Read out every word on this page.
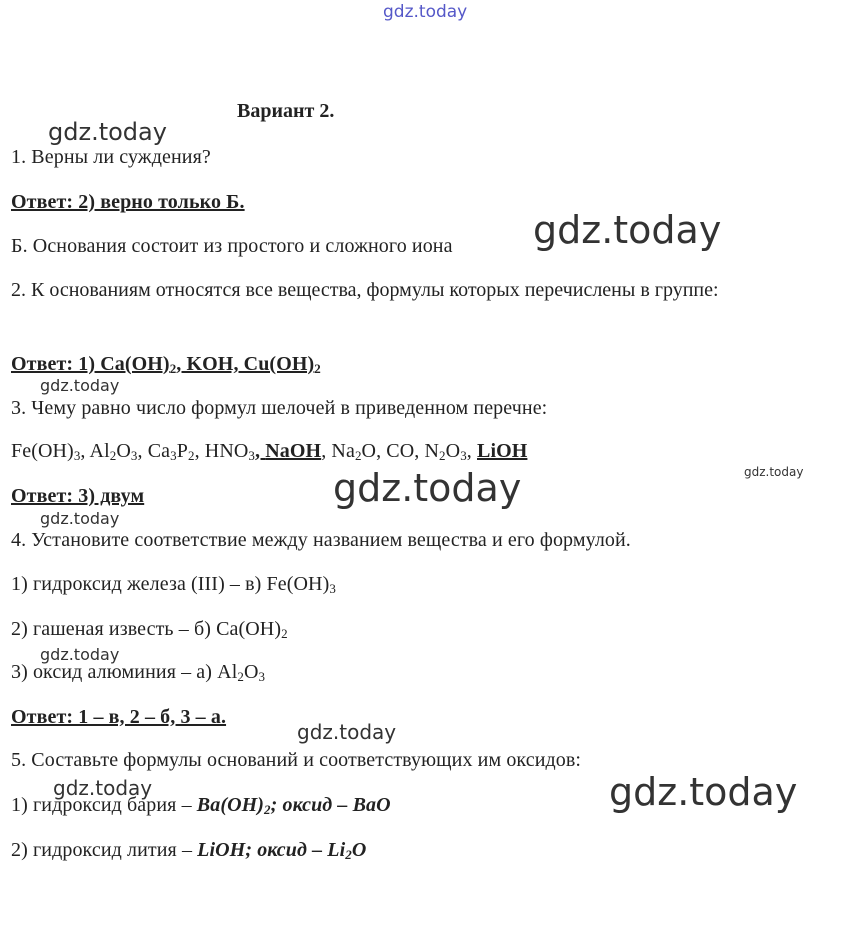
gdz.today
gdz.today
gdz.today
gdz.today
gdz.today
gdz.today
gdz.today
gdz.today
gdz.today
gdz.today	gdz.today
Вариант 2.
1. Верны ли суждения?
Ответ: 2) верно только Б.
Б. Основания состоит из простого и сложного иона
2. К основаниям относятся все вещества, формулы которых перечислены в группе:
Ответ: 1) $Ca(OH)_2$, KOH, $Cu(OH)_2$
3. Чему равно число формул шелочей в приведенном перечне:
$Fe(OH)_3$, $Al_2O_3$, $Ca_3P_2$, $HNO_3$, NaOH, $Na_2O$, CO, $N_2O_3$, LiOH
Ответ: 3) двум
4. Установите соответствие между названием вещества и его формулой.
1) гидроксид железа (III) – в) $Fe(OH)_3$
2) гашеная известь – б) $Ca(OH)_2$
3) оксид алюминия – а) $Al_2O_3$
Ответ: 1 – в, 2 – б, 3 – а.
5. Составьте формулы оснований и соответствующих им оксидов:
1) гидроксид бария – $Ba(OH)_2$; оксид – BaO
2) гидроксид лития – LiOH; оксид – $Li_2O$
